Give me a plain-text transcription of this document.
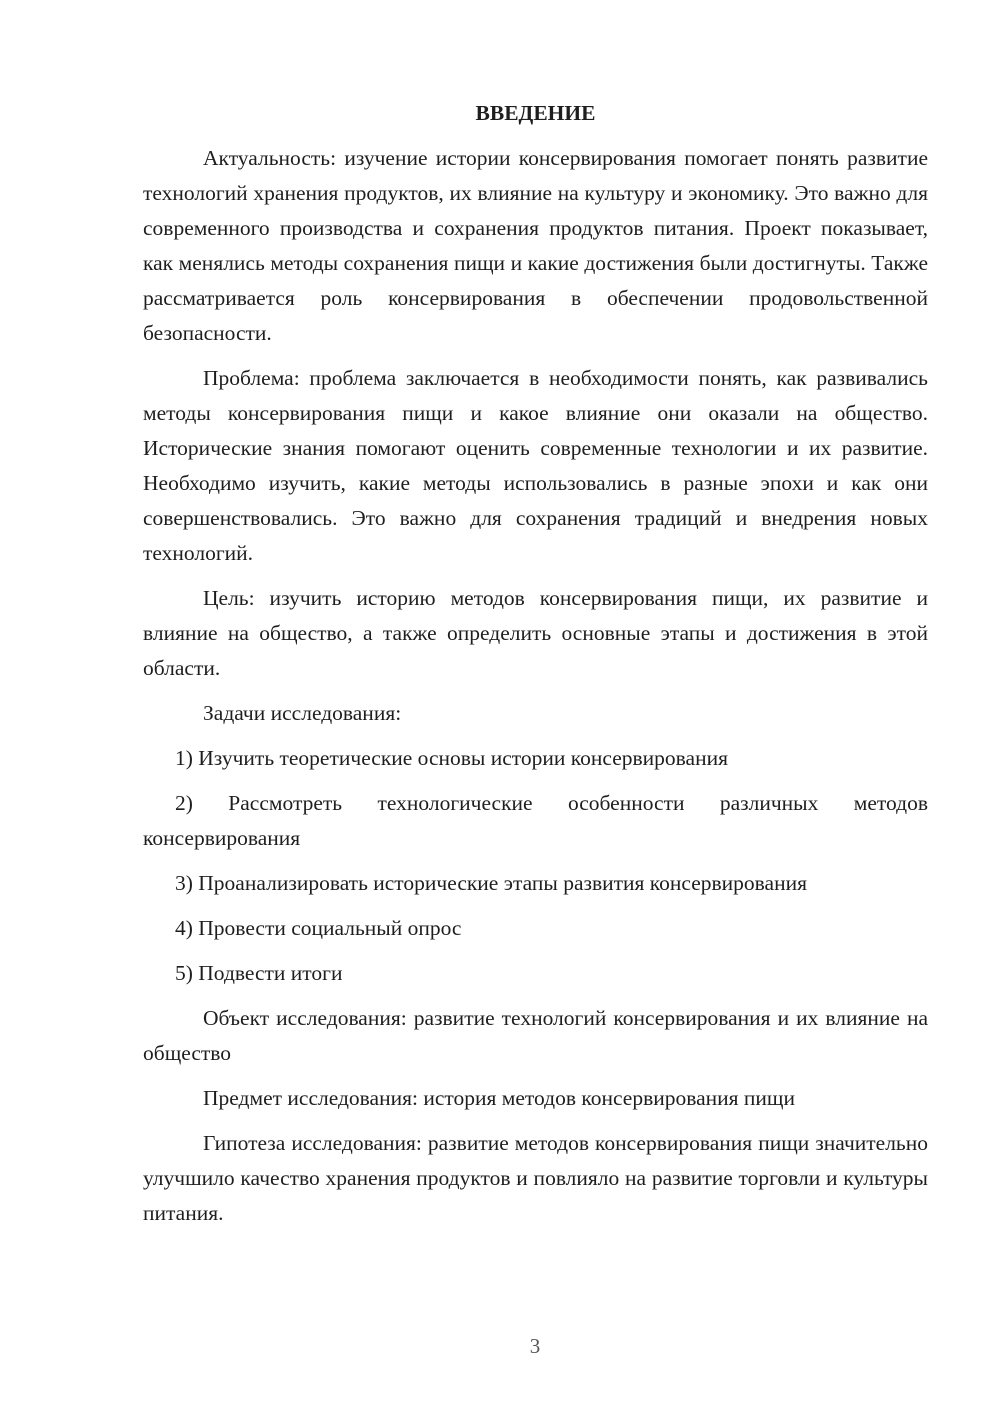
ВВЕДЕНИЕ

Актуальность: изучение истории консервирования помогает понять развитие технологий хранения продуктов, их влияние на культуру и экономику. Это важно для современного производства и сохранения продуктов питания. Проект показывает, как менялись методы сохранения пищи и какие достижения были достигнуты. Также рассматривается роль консервирования в обеспечении продовольственной безопасности.

Проблема: проблема заключается в необходимости понять, как развивались методы консервирования пищи и какое влияние они оказали на общество. Исторические знания помогают оценить современные технологии и их развитие. Необходимо изучить, какие методы использовались в разные эпохи и как они совершенствовались. Это важно для сохранения традиций и внедрения новых технологий.

Цель: изучить историю методов консервирования пищи, их развитие и влияние на общество, а также определить основные этапы и достижения в этой области.

Задачи исследования:

1) Изучить теоретические основы истории консервирования

2) Рассмотреть технологические особенности различных методов консервирования

3) Проанализировать исторические этапы развития консервирования

4) Провести социальный опрос

5) Подвести итоги

Объект исследования: развитие технологий консервирования и их влияние на общество

Предмет исследования: история методов консервирования пищи

Гипотеза исследования: развитие методов консервирования пищи значительно улучшило качество хранения продуктов и повлияло на развитие торговли и культуры питания.

3
